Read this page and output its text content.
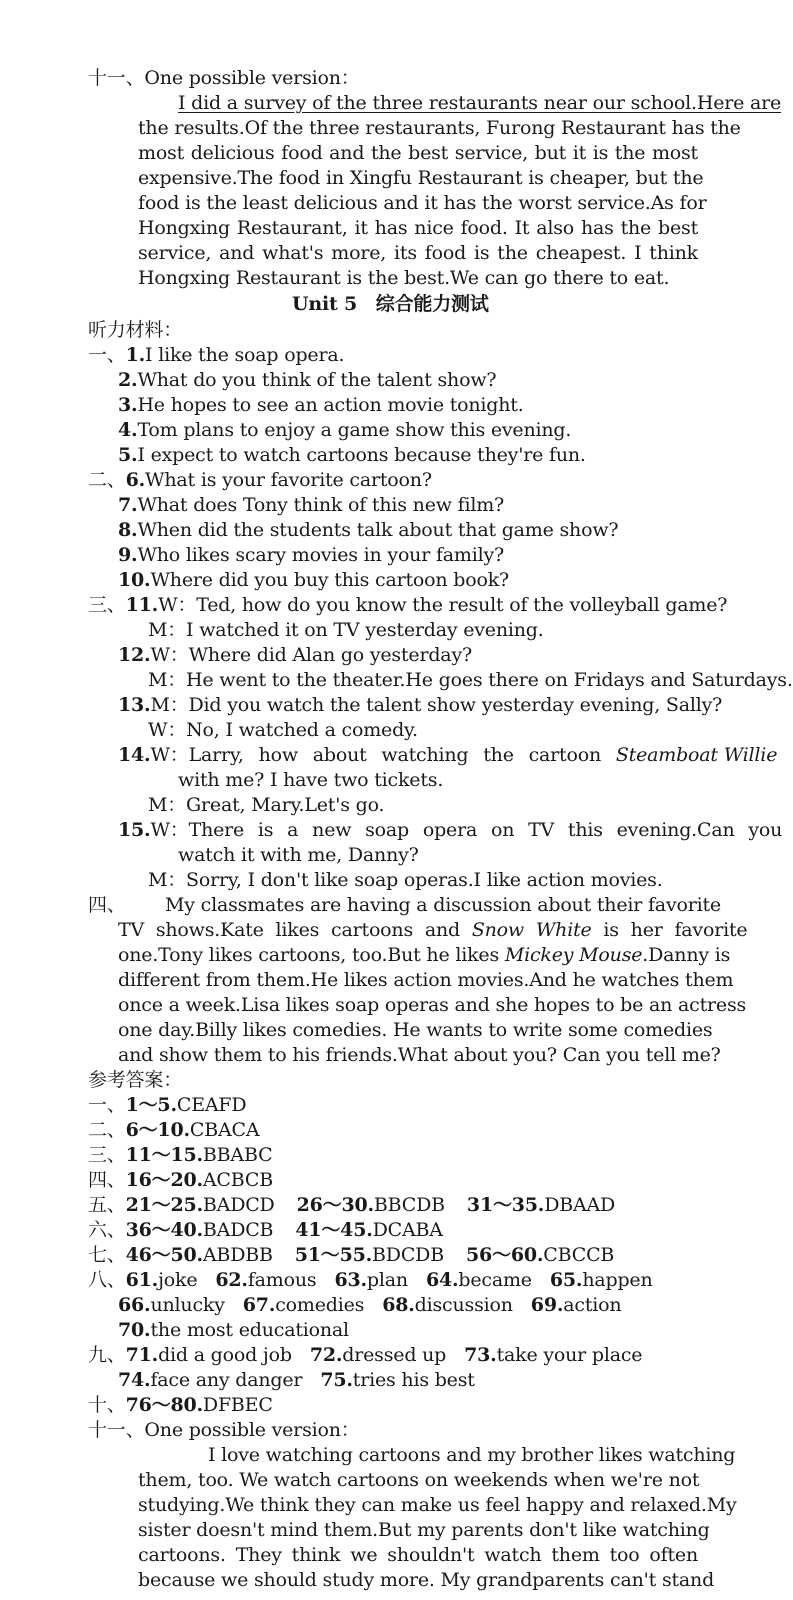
十一、One possible version：
I did a survey of the three restaurants near our school.Here are
the results.Of the three restaurants, Furong Restaurant has the
most delicious food and the best service, but it is the most
expensive.The food in Xingfu Restaurant is cheaper, but the
food is the least delicious and it has the worst service.As for
Hongxing Restaurant, it has nice food. It also has the best
service, and what's more, its food is the cheapest. I think
Hongxing Restaurant is the best.We can go there to eat.
Unit 5　综合能力测试
听力材料：
一、1.I like the soap opera.
2.What do you think of the talent show?
3.He hopes to see an action movie tonight.
4.Tom plans to enjoy a game show this evening.
5.I expect to watch cartoons because they're fun.
二、6.What is your favorite cartoon?
7.What does Tony think of this new film?
8.When did the students talk about that game show?
9.Who likes scary movies in your family?
10.Where did you buy this cartoon book?
三、11.W：Ted, how do you know the result of the volleyball game?
M：I watched it on TV yesterday evening.
12.W：Where did Alan go yesterday?
M：He went to the theater.He goes there on Fridays and Saturdays.
13.M：Did you watch the talent show yesterday evening, Sally?
W：No, I watched a comedy.
14.W：Larry, how about watching the cartoon Steamboat Willie
with me? I have two tickets.
M：Great, Mary.Let's go.
15.W：There is a new soap opera on TV this evening.Can you
watch it with me, Danny?
M：Sorry, I don't like soap operas.I like action movies.
四、 My classmates are having a discussion about their favorite
TV shows.Kate likes cartoons and Snow White is her favorite
one.Tony likes cartoons, too.But he likes Mickey Mouse.Danny is
different from them.He likes action movies.And he watches them
once a week.Lisa likes soap operas and she hopes to be an actress
one day.Billy likes comedies. He wants to write some comedies
and show them to his friends.What about you? Can you tell me?
参考答案：
一、1～5.CEAFD
二、6～10.CBACA
三、11～15.BBABC
四、16～20.ACBCB
五、21～25.BADCD 26～30.BBCDB 31～35.DBAAD
六、36～40.BADCB 41～45.DCABA
七、46～50.ABDBB 51～55.BDCDB 56～60.CBCCB
八、61.joke 62.famous 63.plan 64.became 65.happen
66.unlucky 67.comedies 68.discussion 69.action
70.the most educational
九、71.did a good job 72.dressed up 73.take your place
74.face any danger 75.tries his best
十、76～80.DFBEC
十一、One possible version：
I love watching cartoons and my brother likes watching
them, too. We watch cartoons on weekends when we're not
studying.We think they can make us feel happy and relaxed.My
sister doesn't mind them.But my parents don't like watching
cartoons. They think we shouldn't watch them too often
because we should study more. My grandparents can't stand
